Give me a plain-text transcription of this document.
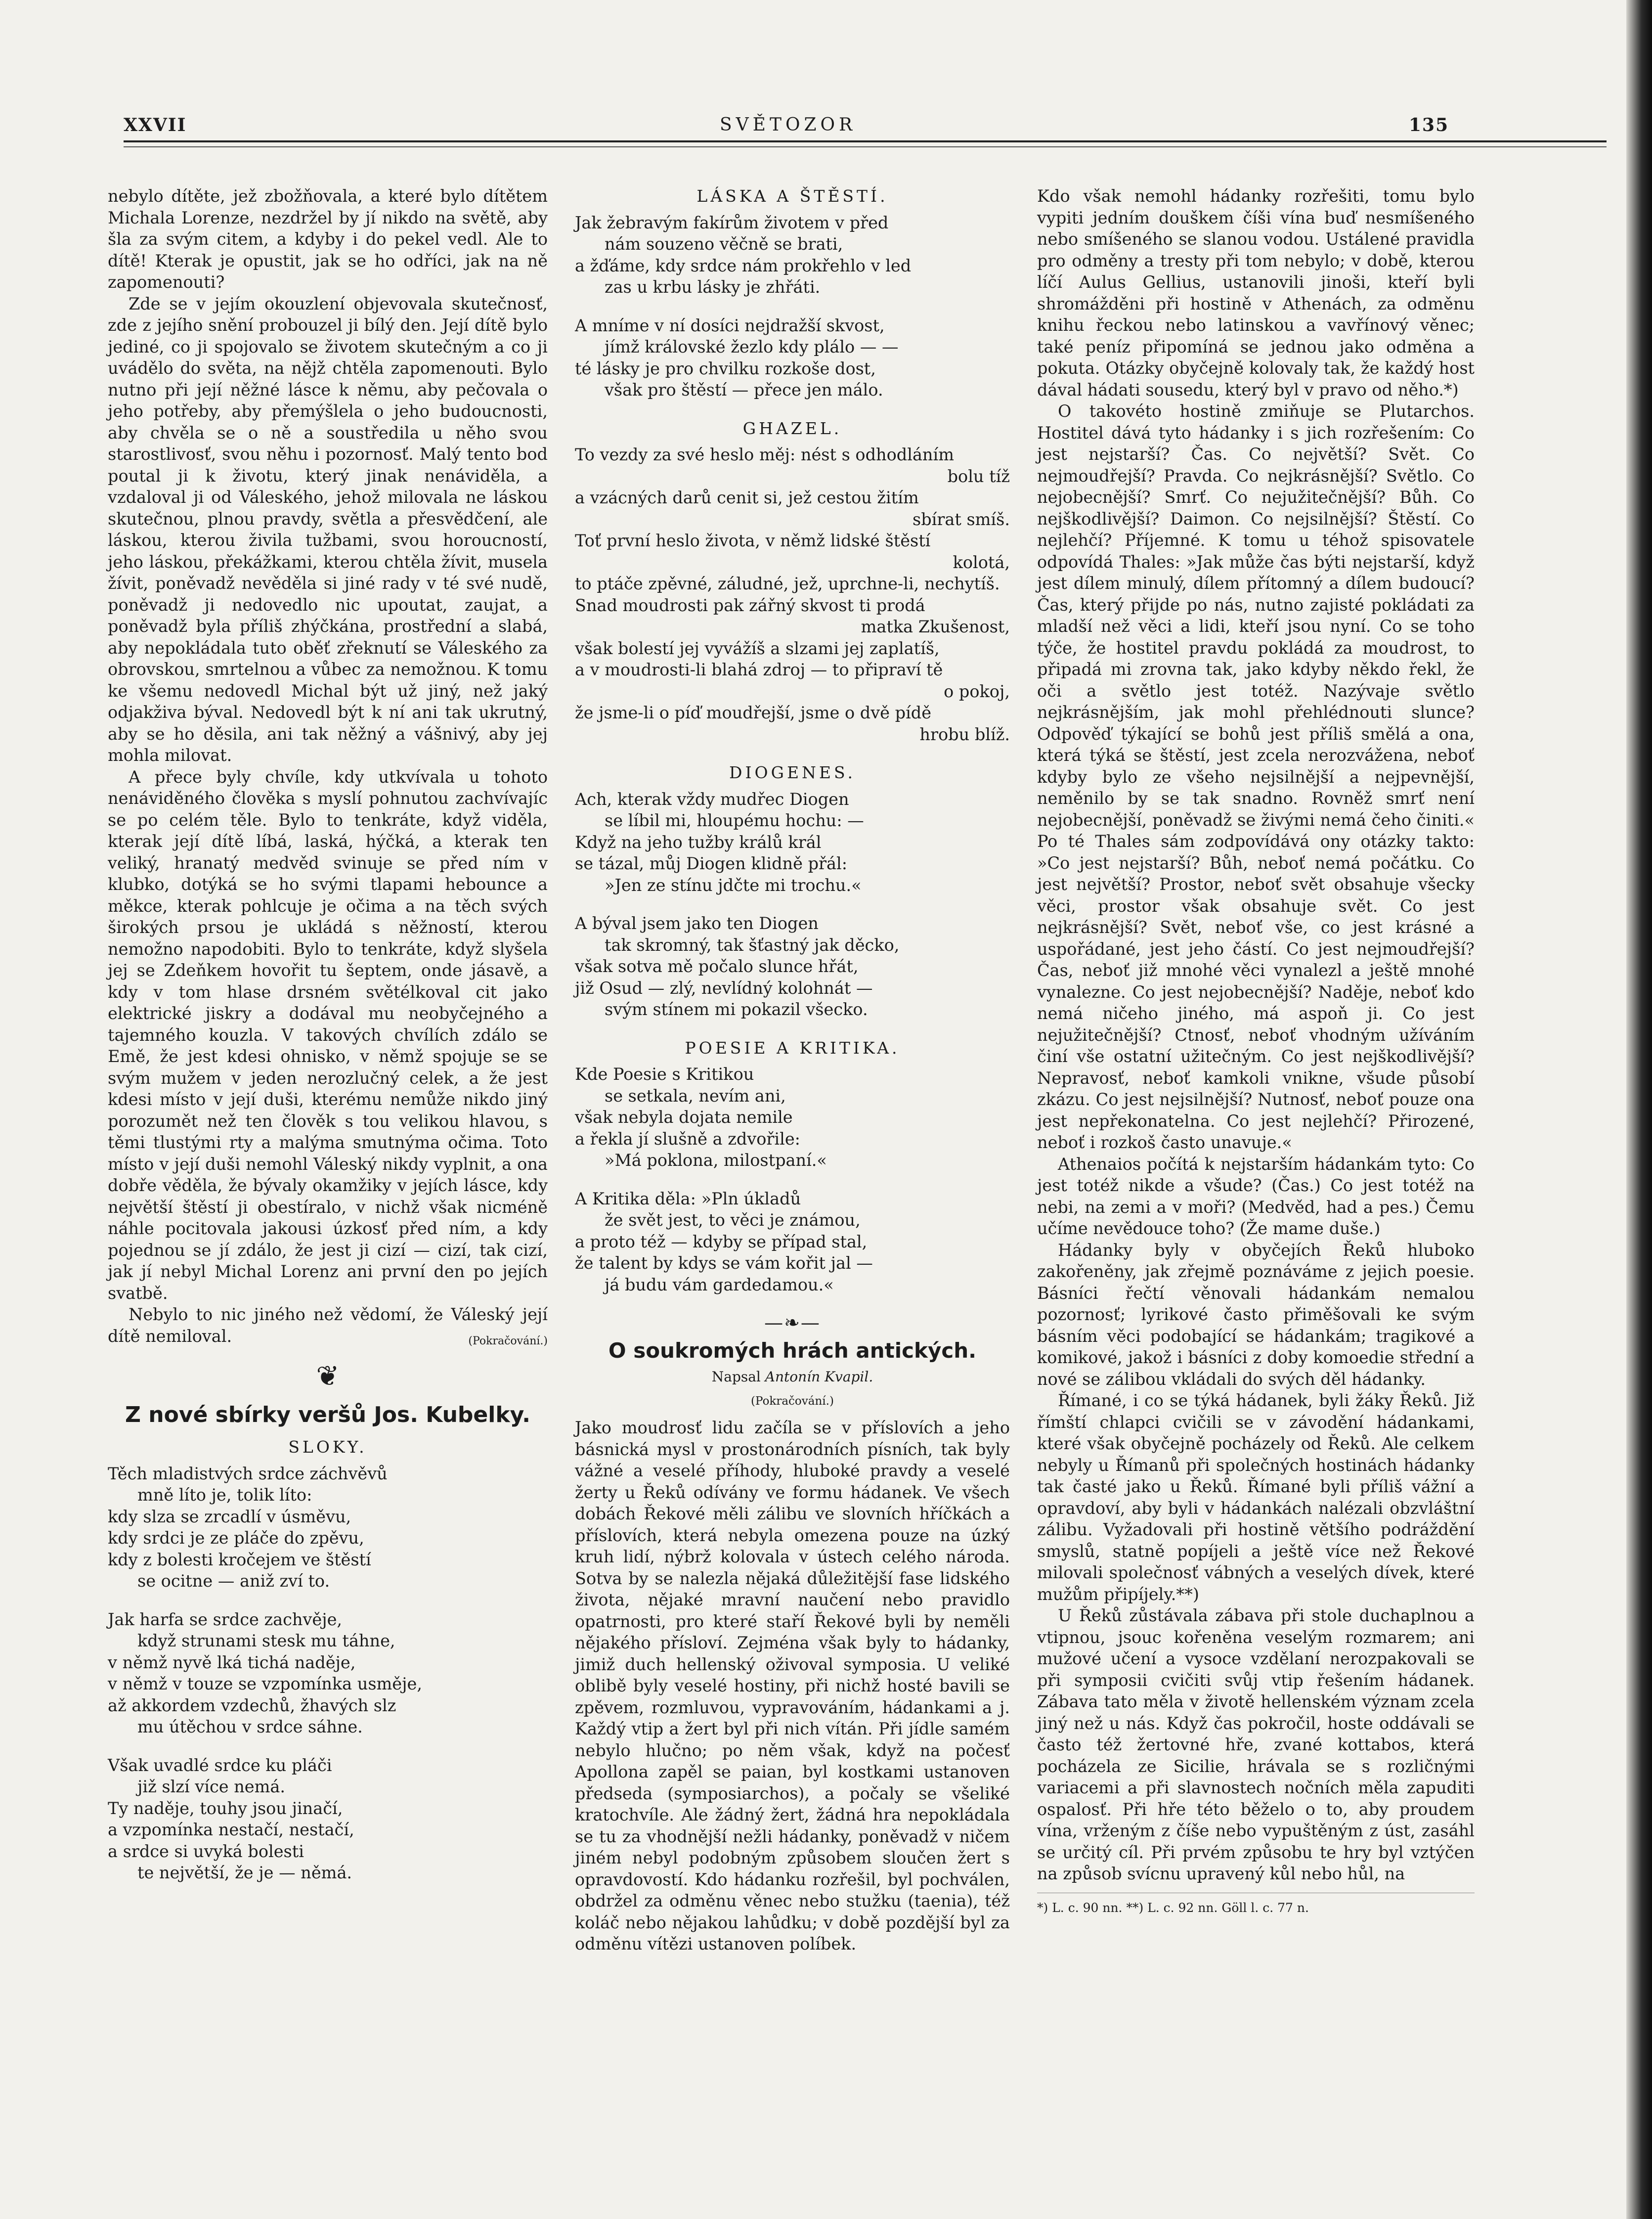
XXVII	SVĚTOZOR	135

nebylo dítěte, jež zbožňovala, a které bylo dítětem Michala Lorenze, nezdržel by jí nikdo na světě, aby šla za svým citem, a kdyby i do pekel vedl. Ale to dítě! Kterak je opustit, jak se ho odříci, jak na ně zapomenouti?

Zde se v jejím okouzlení objevovala skutečnosť, zde z jejího snění probouzel ji bílý den. Její dítě bylo jediné, co ji spojovalo se životem skutečným a co ji uvádělo do světa, na nějž chtěla zapomenouti. Bylo nutno při její něžné lásce k němu, aby pečovala o jeho potřeby, aby přemýšlela o jeho budoucnosti, aby chvěla se o ně a soustředila u něho svou starostlivosť, svou něhu i pozornosť. Malý tento bod poutal ji k životu, který jinak nenáviděla, a vzdaloval ji od Váleského, jehož milovala ne láskou skutečnou, plnou pravdy, světla a přesvědčení, ale láskou, kterou živila tužbami, svou horoucností, jeho láskou, překážkami, kterou chtěla žívit, musela žívit, poněvadž nevěděla si jiné rady v té své nudě, poněvadž ji nedovedlo nic upoutat, zaujat, a poněvadž byla příliš zhýčkána, prostřední a slabá, aby nepokládala tuto oběť zřeknutí se Váleského za obrovskou, smrtelnou a vůbec za nemožnou. K tomu ke všemu nedovedl Michal být už jiný, než jaký odjakživa býval. Nedovedl být k ní ani tak ukrutný, aby se ho děsila, ani tak něžný a vášnivý, aby jej mohla milovat.

A přece byly chvíle, kdy utkvívala u tohoto nenáviděného člověka s myslí pohnutou zachvívajíc se po celém těle. Bylo to tenkráte, když viděla, kterak její dítě líbá, laská, hýčká, a kterak ten veliký, hranatý medvěd svinuje se před ním v klubko, dotýká se ho svými tlapami hebounce a měkce, kterak pohlcuje je očima a na těch svých širokých prsou je ukládá s něžností, kterou nemožno napodobiti. Bylo to tenkráte, když slyšela jej se Zdeňkem hovořit tu šeptem, onde jásavě, a kdy v tom hlase drsném světélkoval cit jako elektrické jiskry a dodával mu neobyčejného a tajemného kouzla. V takových chvílích zdálo se Emě, že jest kdesi ohnisko, v němž spojuje se se svým mužem v jeden nerozlučný celek, a že jest kdesi místo v její duši, kterému nemůže nikdo jiný porozumět než ten člověk s tou velikou hlavou, s těmi tlustými rty a malýma smutnýma očima. Toto místo v její duši nemohl Váleský nikdy vyplnit, a ona dobře věděla, že bývaly okamžiky v jejích lásce, kdy největší štěstí ji obestíralo, v nichž však nicméně náhle pocitovala jakousi úzkosť před ním, a kdy pojednou se jí zdálo, že jest ji cizí — cizí, tak cizí, jak jí nebyl Michal Lorenz ani první den po jejích svatbě.

Nebylo to nic jiného než vědomí, že Váleský její dítě nemiloval.	(Pokračování.)

❦
Z nové sbírky veršů Jos. Kubelky.
SLOKY.
Těch mladistvých srdce záchvěvů
mně líto je, tolik líto:
kdy slza se zrcadlí v úsměvu,
kdy srdci je ze pláče do zpěvu,
kdy z bolesti kročejem ve štěstí
se ocitne — aniž zví to.
Jak harfa se srdce zachvěje,
když strunami stesk mu táhne,
v němž nyvě lká tichá naděje,
v němž v touze se vzpomínka usměje,
až akkordem vzdechů, žhavých slz
mu útěchou v srdce sáhne.
Však uvadlé srdce ku pláči
již slzí více nemá.
Ty naděje, touhy jsou jinačí,
a vzpomínka nestačí, nestačí,
a srdce si uvyká bolesti
te největší, že je — němá.
LÁSKA A ŠTĚSTÍ.
Jak žebravým fakírům životem v před
nám souzeno věčně se brati,
a žďáme, kdy srdce nám prokřehlo v led
zas u krbu lásky je zhřáti.
A mníme v ní dosíci nejdražší skvost,
jímž královské žezlo kdy plálo — —
té lásky je pro chvilku rozkoše dost,
však pro štěstí — přece jen málo.
GHAZEL.
To vezdy za své heslo měj: nést s odhodláním
bolu tíž
a vzácných darů cenit si, jež cestou žitím
sbírat smíš.
Toť první heslo života, v němž lidské štěstí
kolotá,
to ptáče zpěvné, záludné, jež, uprchne-li, nechytíš.
Snad moudrosti pak zářný skvost ti prodá
matka Zkušenost,
však bolestí jej vyvážíš a slzami jej zaplatíš,
a v moudrosti-li blahá zdroj — to připraví tě
o pokoj,
že jsme-li o píď moudřejší, jsme o dvě pídě
hrobu blíž.
DIOGENES.
Ach, kterak vždy mudřec Diogen
se líbil mi, hloupému hochu: —
Když na jeho tužby králů král
se tázal, můj Diogen klidně přál:
»Jen ze stínu jdčte mi trochu.«
A býval jsem jako ten Diogen
tak skromný, tak šťastný jak děcko,
však sotva mě počalo slunce hřát,
již Osud — zlý, nevlídný kolohnát —
svým stínem mi pokazil všecko.
POESIE A KRITIKA.
Kde Poesie s Kritikou
se setkala, nevím ani,
však nebyla dojata nemile
a řekla jí slušně a zdvořile:
»Má poklona, milostpaní.«
A Kritika děla: »Pln úkladů
že svět jest, to věci je známou,
a proto též — kdyby se případ stal,
že talent by kdys se vám kořit jal —
já budu vám gardedamou.«
—❧—
O soukromých hrách antických.
Napsal Antonín Kvapil.
(Pokračování.)

Jako moudrosť lidu začíla se v příslovích a jeho básnická mysl v prostonárodních písních, tak byly vážné a veselé příhody, hluboké pravdy a veselé žerty u Řeků odívány ve formu hádanek. Ve všech dobách Řekové měli zálibu ve slovních hříčkách a příslovích, která nebyla omezena pouze na úzký kruh lidí, nýbrž kolovala v ústech celého národa. Sotva by se nalezla nějaká důležitější fase lidského života, nějaké mravní naučení nebo pravidlo opatrnosti, pro které staří Řekové byli by neměli nějakého přísloví. Zejména však byly to hádanky, jimiž duch hellenský oživoval symposia. U veliké oblibě byly veselé hostiny, při nichž hosté bavili se zpěvem, rozmluvou, vypravováním, hádankami a j. Každý vtip a žert byl při nich vítán. Při jídle samém nebylo hlučno; po něm však, když na počesť Apollona zapěl se paian, byl kostkami ustanoven předseda (symposiarchos), a počaly se všeliké kratochvíle. Ale žádný žert, žádná hra nepokládala se tu za vhodnější nežli hádanky, poněvadž v ničem jiném nebyl podobným způsobem sloučen žert s opravdovostí. Kdo hádanku rozřešil, byl pochválen, obdržel za odměnu věnec nebo stužku (taenia), též koláč nebo nějakou lahůdku; v době pozdější byl za odměnu vítězi ustanoven políbek.

Kdo však nemohl hádanky rozřešiti, tomu bylo vypiti jedním douškem číši vína buď nesmíšeného nebo smíšeného se slanou vodou. Ustálené pravidla pro odměny a tresty při tom nebylo; v době, kterou líčí Aulus Gellius, ustanovili jinoši, kteří byli shromážděni při hostině v Athenách, za odměnu knihu řeckou nebo latinskou a vavřínový věnec; také peníz připomíná se jednou jako odměna a pokuta. Otázky obyčejně kolovaly tak, že každý host dával hádati sousedu, který byl v pravo od něho.*)

O takovéto hostině zmiňuje se Plutarchos. Hostitel dává tyto hádanky i s jich rozřešením: Co jest nejstarší? Čas. Co největší? Svět. Co nejmoudřejší? Pravda. Co nejkrásnější? Světlo. Co nejobecnější? Smrť. Co nejužitečnější? Bůh. Co nejškodlivější? Daimon. Co nejsilnější? Štěstí. Co nejlehčí? Příjemné. K tomu u téhož spisovatele odpovídá Thales: »Jak může čas býti nejstarší, když jest dílem minulý, dílem přítomný a dílem budoucí? Čas, který přijde po nás, nutno zajisté pokládati za mladší než věci a lidi, kteří jsou nyní. Co se toho týče, že hostitel pravdu pokládá za moudrost, to připadá mi zrovna tak, jako kdyby někdo řekl, že oči a světlo jest totéž. Nazývaje světlo nejkrásnějším, jak mohl přehlédnouti slunce? Odpověď týkající se bohů jest příliš smělá a ona, která týká se štěstí, jest zcela nerozvážena, neboť kdyby bylo ze všeho nejsilnější a nejpevnější, neměnilo by se tak snadno. Rovněž smrť není nejobecnější, poněvadž se živými nemá čeho činiti.« Po té Thales sám zodpovídává ony otázky takto: »Co jest nejstarší? Bůh, neboť nemá počátku. Co jest největší? Prostor, neboť svět obsahuje všecky věci, prostor však obsahuje svět. Co jest nejkrásnější? Svět, neboť vše, co jest krásné a uspořádané, jest jeho částí. Co jest nejmoudřejší? Čas, neboť již mnohé věci vynalezl a ještě mnohé vynalezne. Co jest nejobecnější? Naděje, neboť kdo nemá ničeho jiného, má aspoň ji. Co jest nejužitečnější? Ctnosť, neboť vhodným užíváním činí vše ostatní užitečným. Co jest nejškodlivější? Nepravosť, neboť kamkoli vnikne, všude působí zkázu. Co jest nejsilnější? Nutnosť, neboť pouze ona jest nepřekonatelna. Co jest nejlehčí? Přirozené, neboť i rozkoš často unavuje.«

Athenaios počítá k nejstarším hádankám tyto: Co jest totéž nikde a všude? (Čas.) Co jest totéž na nebi, na zemi a v moři? (Medvěd, had a pes.) Čemu učíme nevědouce toho? (Že mame duše.)

Hádanky byly v obyčejích Řeků hluboko zakořeněny, jak zřejmě poznáváme z jejich poesie. Básníci řečtí věnovali hádankám nemalou pozornosť; lyrikové často přiměšovali ke svým básním věci podobající se hádankám; tragikové a komikové, jakož i básníci z doby komoedie střední a nové se zálibou vkládali do svých děl hádanky.

Římané, i co se týká hádanek, byli žáky Řeků. Již římští chlapci cvičili se v závodění hádankami, které však obyčejně pocházely od Řeků. Ale celkem nebyly u Římanů při společných hostinách hádanky tak časté jako u Řeků. Římané byli příliš vážní a opravdoví, aby byli v hádankách nalézali obzvláštní zálibu. Vyžadovali při hostině většího podráždění smyslů, statně popíjeli a ještě více než Řekové milovali společnosť vábných a veselých dívek, které mužům připíjely.**)

U Řeků zůstávala zábava při stole duchaplnou a vtipnou, jsouc kořeněna veselým rozmarem; ani mužové učení a vysoce vzdělaní nerozpakovali se při symposii cvičiti svůj vtip řešením hádanek. Zábava tato měla v životě hellenském význam zcela jiný než u nás. Když čas pokročil, hoste oddávali se často též žertovné hře, zvané kottabos, která pocházela ze Sicilie, hrávala se s rozličnými variacemi a při slavnostech nočních měla zapuditi ospalosť. Při hře této běželo o to, aby proudem vína, vrženým z číše nebo vypuštěným z úst, zasáhl se určitý cíl. Při prvém způsobu te hry byl vztýčen na způsob svícnu upravený kůl nebo hůl, na

*) L. c. 90 nn. **) L. c. 92 nn. Göll l. c. 77 n.
